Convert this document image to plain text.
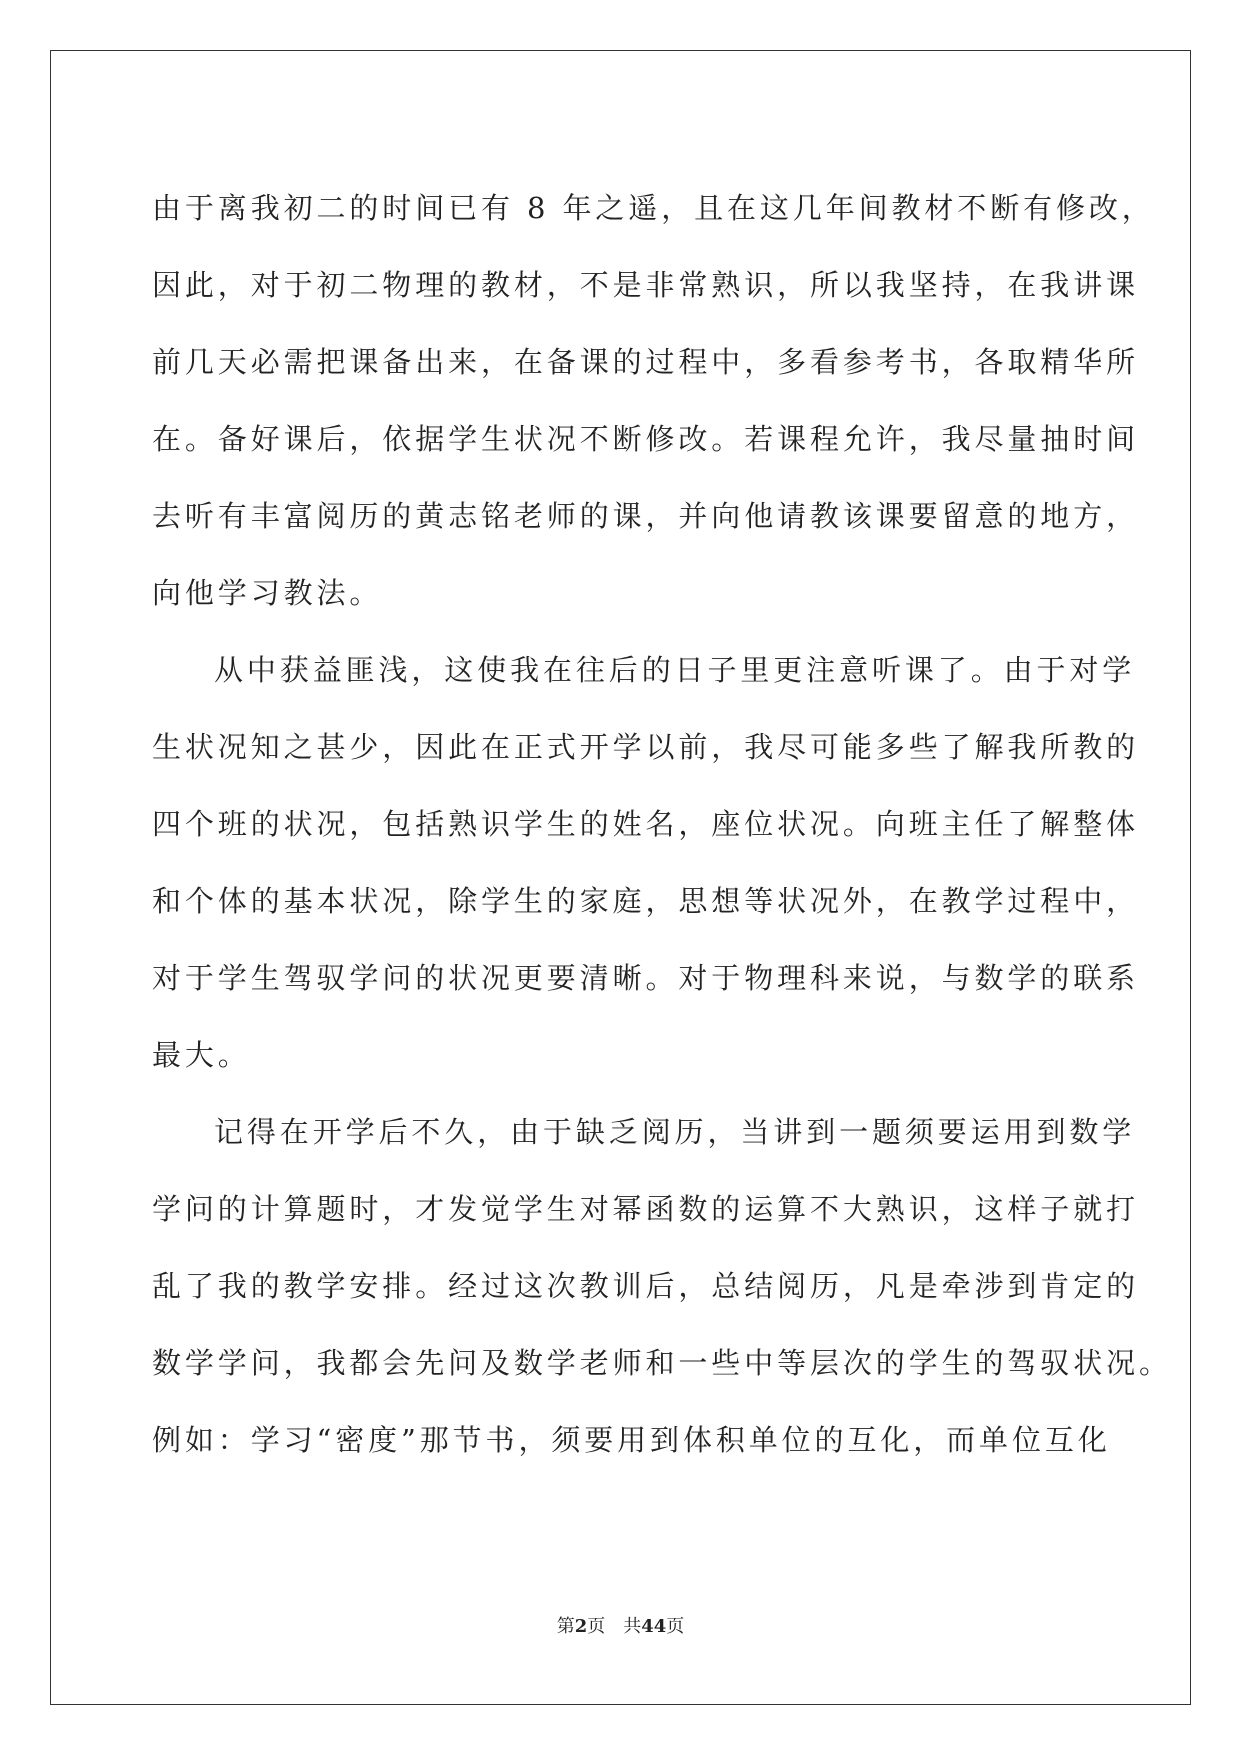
由于离我初二的时间已有 8 年之遥，且在这几年间教材不断有修改，
因此，对于初二物理的教材，不是非常熟识，所以我坚持，在我讲课
前几天必需把课备出来，在备课的过程中，多看参考书，各取精华所
在。备好课后，依据学生状况不断修改。若课程允许，我尽量抽时间
去听有丰富阅历的黄志铭老师的课，并向他请教该课要留意的地方，
向他学习教法。
从中获益匪浅，这使我在往后的日子里更注意听课了。由于对学
生状况知之甚少，因此在正式开学以前，我尽可能多些了解我所教的
四个班的状况，包括熟识学生的姓名，座位状况。向班主任了解整体
和个体的基本状况，除学生的家庭，思想等状况外，在教学过程中，
对于学生驾驭学问的状况更要清晰。对于物理科来说，与数学的联系
最大。
记得在开学后不久，由于缺乏阅历，当讲到一题须要运用到数学
学问的计算题时，才发觉学生对幂函数的运算不大熟识，这样子就打
乱了我的教学安排。经过这次教训后，总结阅历，凡是牵涉到肯定的
数学学问，我都会先问及数学老师和一些中等层次的学生的驾驭状况。
例如：学习“密度”那节书，须要用到体积单位的互化，而单位互化
第2页 共44页
